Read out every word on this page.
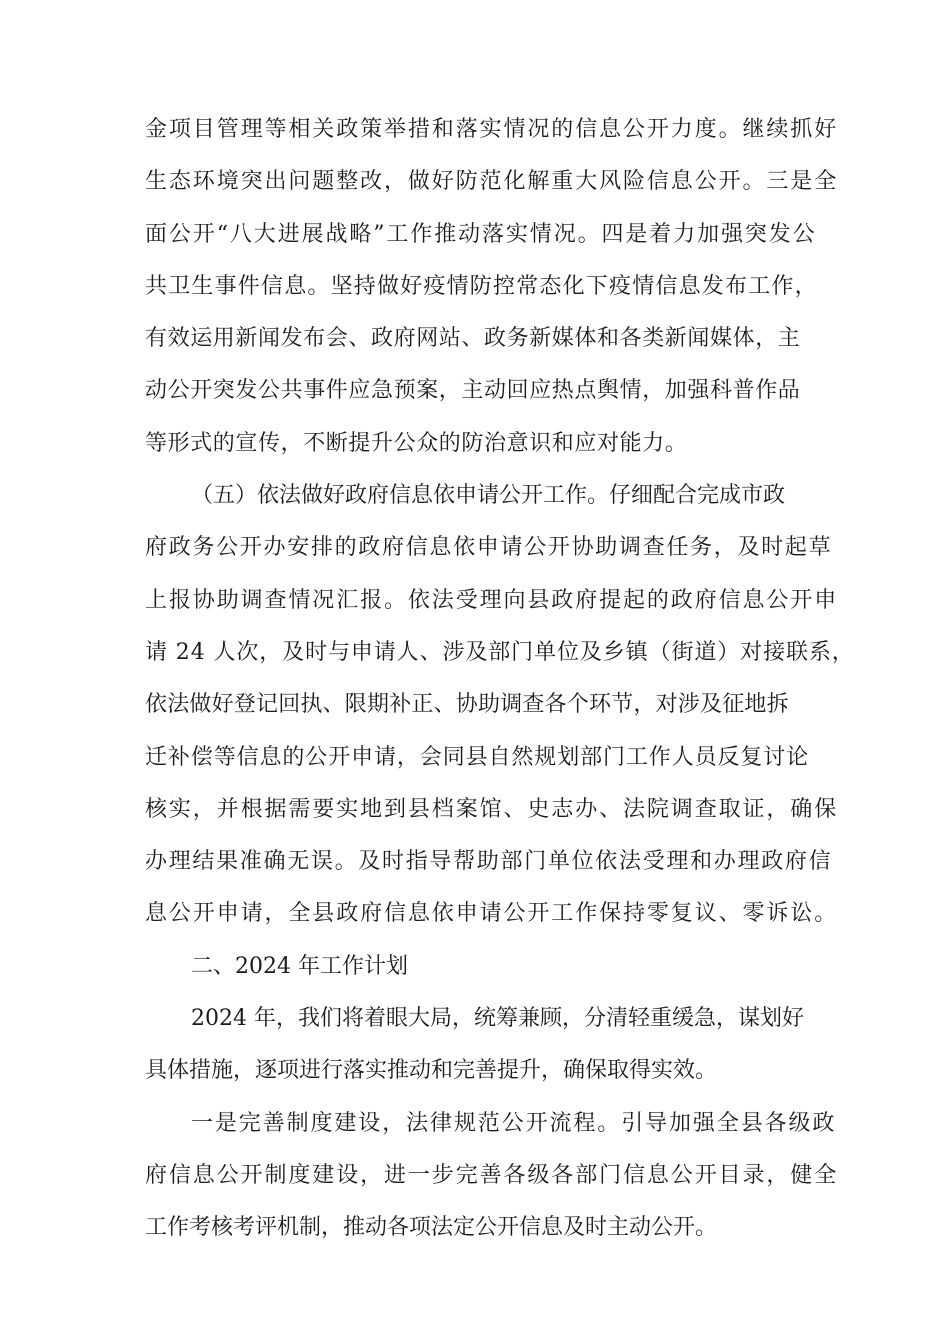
金项目管理等相关政策举措和落实情况的信息公开力度。继续抓好
生态环境突出问题整改，做好防范化解重大风险信息公开。三是全
面公开“八大进展战略”工作推动落实情况。四是着力加强突发公
共卫生事件信息。坚持做好疫情防控常态化下疫情信息发布工作，
有效运用新闻发布会、政府网站、政务新媒体和各类新闻媒体，主
动公开突发公共事件应急预案，主动回应热点舆情，加强科普作品
等形式的宣传，不断提升公众的防治意识和应对能力。
（五）依法做好政府信息依申请公开工作。仔细配合完成市政
府政务公开办安排的政府信息依申请公开协助调查任务，及时起草
上报协助调查情况汇报。依法受理向县政府提起的政府信息公开申
请 24 人次，及时与申请人、涉及部门单位及乡镇（街道）对接联系，
依法做好登记回执、限期补正、协助调查各个环节，对涉及征地拆
迁补偿等信息的公开申请，会同县自然规划部门工作人员反复讨论
核实，并根据需要实地到县档案馆、史志办、法院调查取证，确保
办理结果准确无误。及时指导帮助部门单位依法受理和办理政府信
息公开申请，全县政府信息依申请公开工作保持零复议、零诉讼。
二、2024 年工作计划
2024 年，我们将着眼大局，统筹兼顾，分清轻重缓急，谋划好
具体措施，逐项进行落实推动和完善提升，确保取得实效。
一是完善制度建设，法律规范公开流程。引导加强全县各级政
府信息公开制度建设，进一步完善各级各部门信息公开目录，健全
工作考核考评机制，推动各项法定公开信息及时主动公开。
